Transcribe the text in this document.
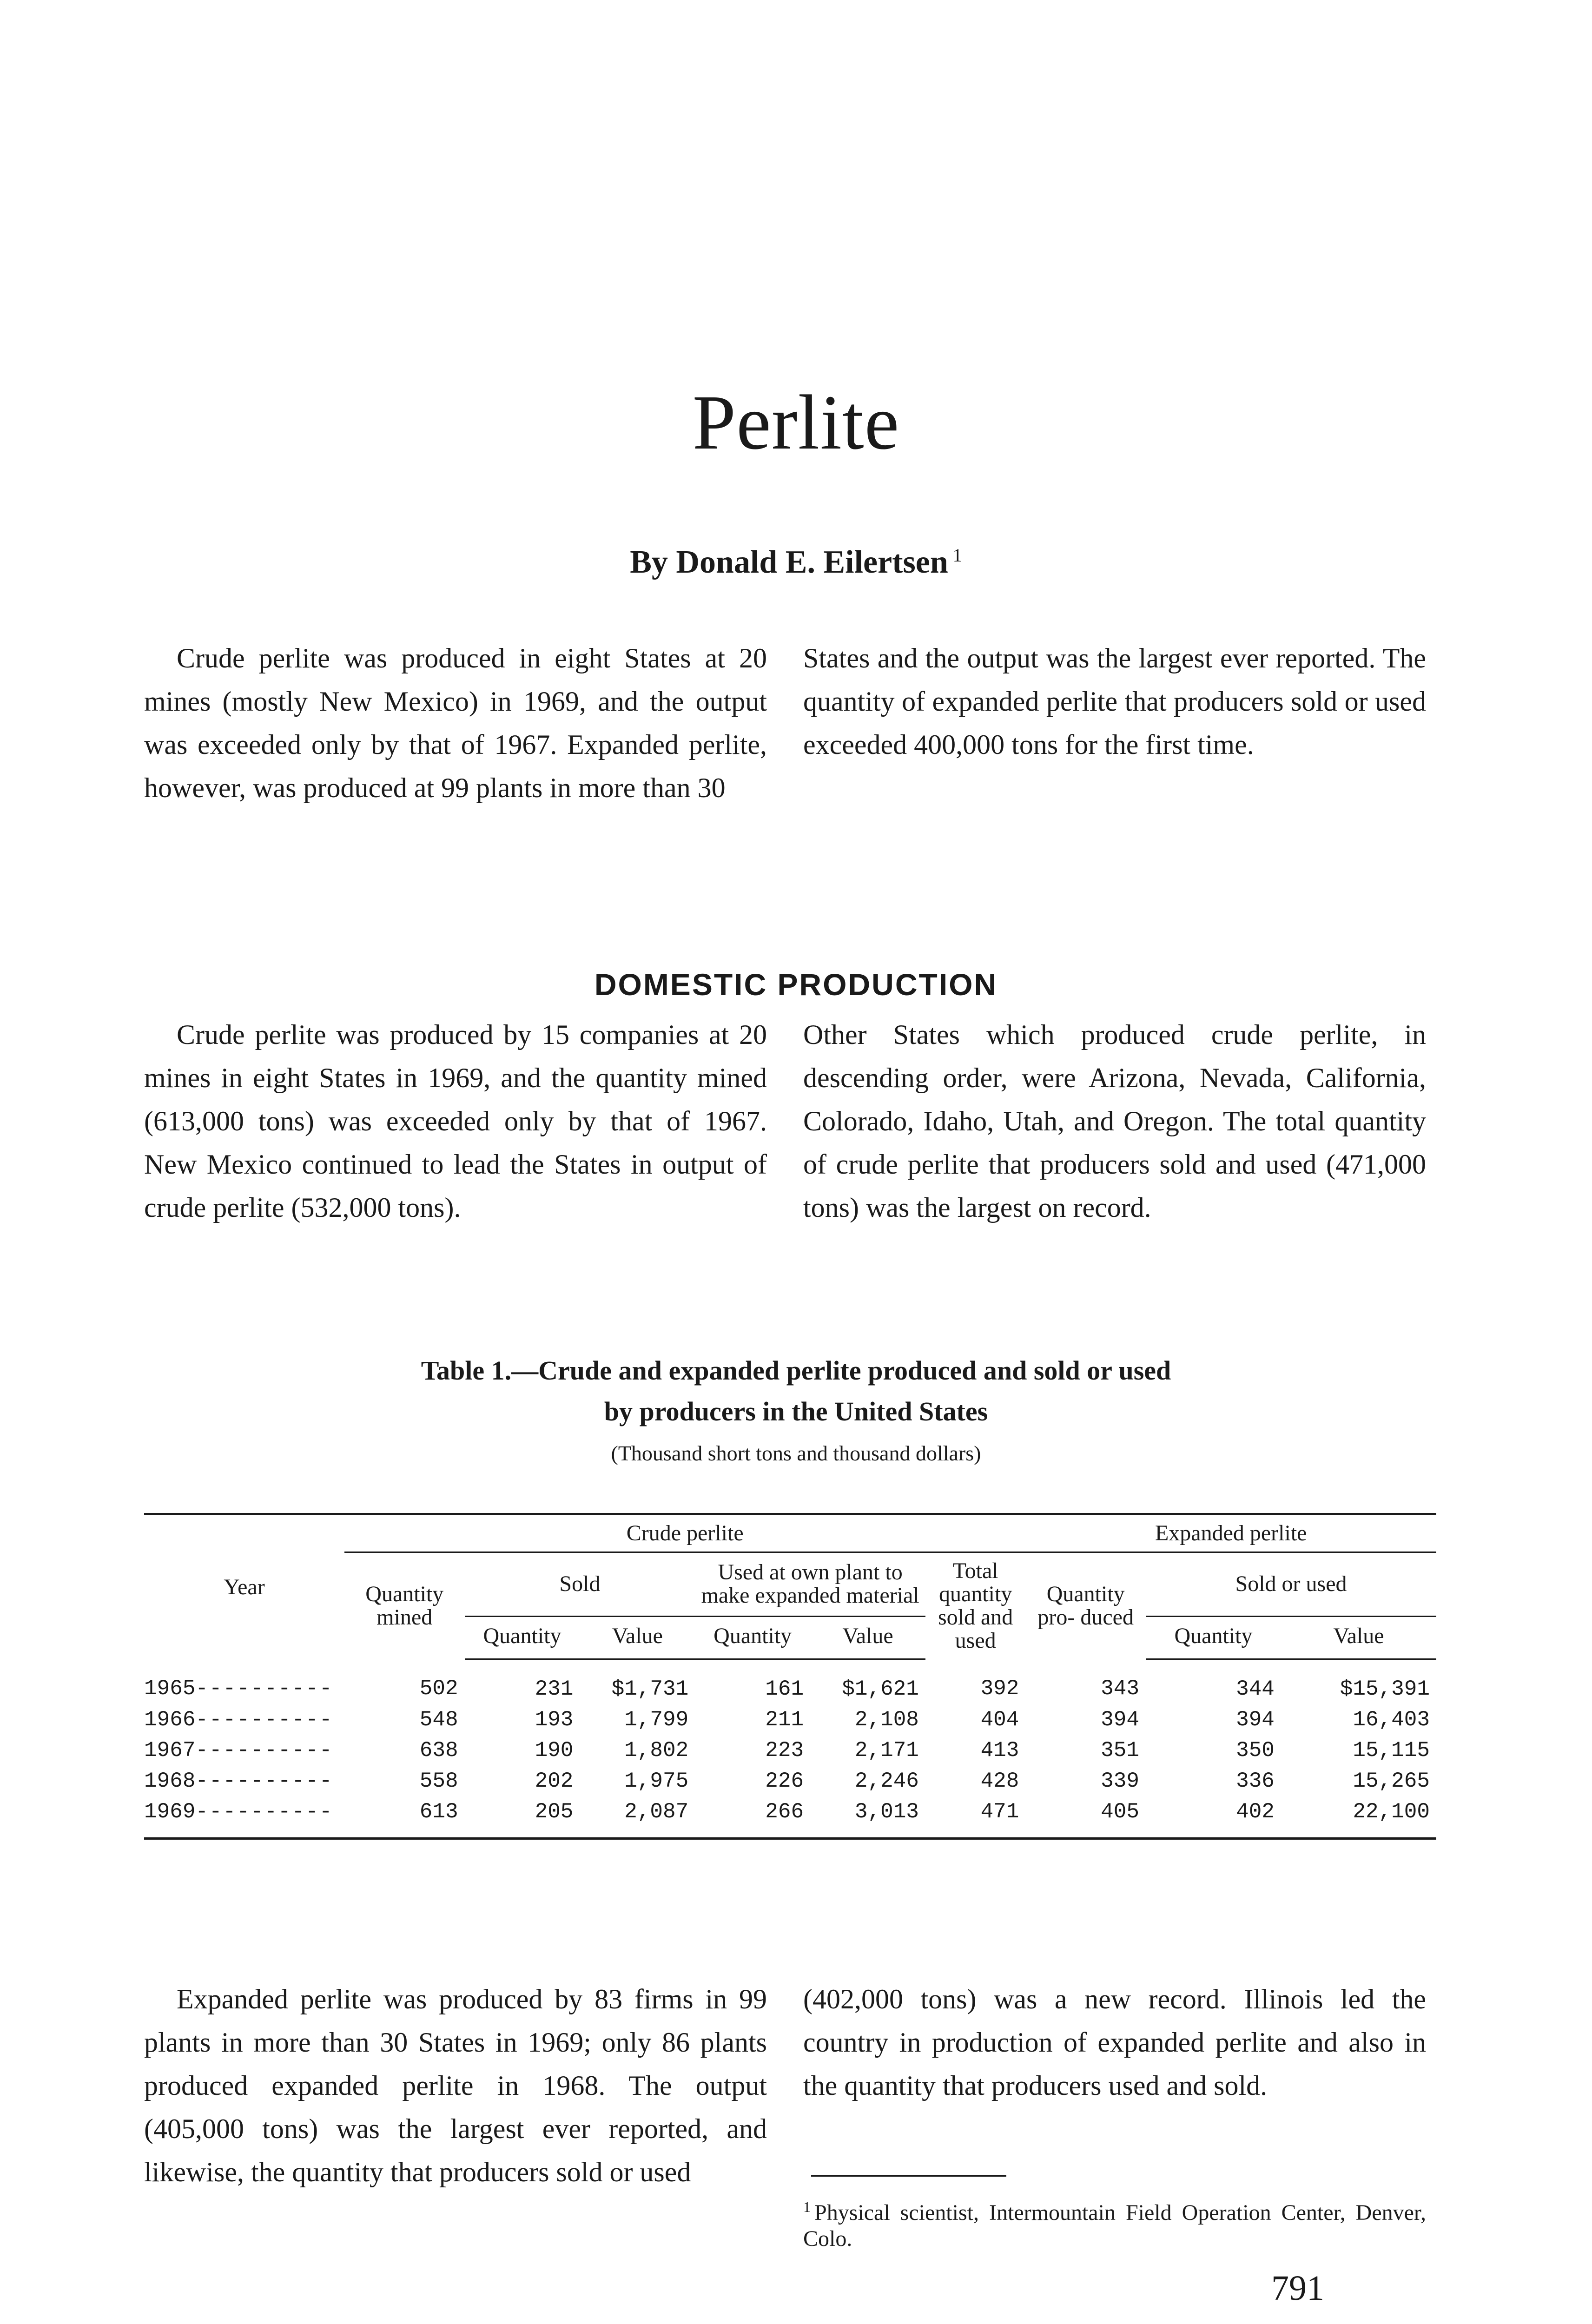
Perlite
By Donald E. Eilertsen $^1$

Crude perlite was produced in eight States at 20 mines (mostly New Mexico) in 1969, and the output was exceeded only by that of 1967. Expanded perlite, however, was produced at 99 plants in more than 30

States and the output was the largest ever reported. The quantity of expanded perlite that producers sold or used exceeded 400,000 tons for the first time.

DOMESTIC PRODUCTION

Crude perlite was produced by 15 companies at 20 mines in eight States in 1969, and the quantity mined (613,000 tons) was exceeded only by that of 1967. New Mexico continued to lead the States in output of crude perlite (532,000 tons).

Other States which produced crude perlite, in descending order, were Arizona, Nevada, California, Colorado, Idaho, Utah, and Oregon. The total quantity of crude perlite that producers sold and used (471,000 tons) was the largest on record.

Table 1.—Crude and expanded perlite produced and sold or used
by producers in the United States
(Thousand short tons and thousand dollars)
Year	Crude perlite						Expanded perlite		
	Quantity mined	Sold		Used at own plant to make expanded material		Total quantity sold and used	Quantity pro- duced	Sold or used	
		Quantity	Value	Quantity	Value			Quantity	Value
1965----------	502	231	$1,731	161	$1,621	392	343	344	$15,391
1966----------	548	193	1,799	211	2,108	404	394	394	16,403
1967----------	638	190	1,802	223	2,171	413	351	350	15,115
1968----------	558	202	1,975	226	2,246	428	339	336	15,265
1969----------	613	205	2,087	266	3,013	471	405	402	22,100

Expanded perlite was produced by 83 firms in 99 plants in more than 30 States in 1969; only 86 plants produced expanded perlite in 1968. The output (405,000 tons) was the largest ever reported, and likewise, the quantity that producers sold or used

(402,000 tons) was a new record. Illinois led the country in production of expanded perlite and also in the quantity that producers used and sold.

$^1$ Physical scientist, Intermountain Field Operation Center, Denver, Colo.
791
